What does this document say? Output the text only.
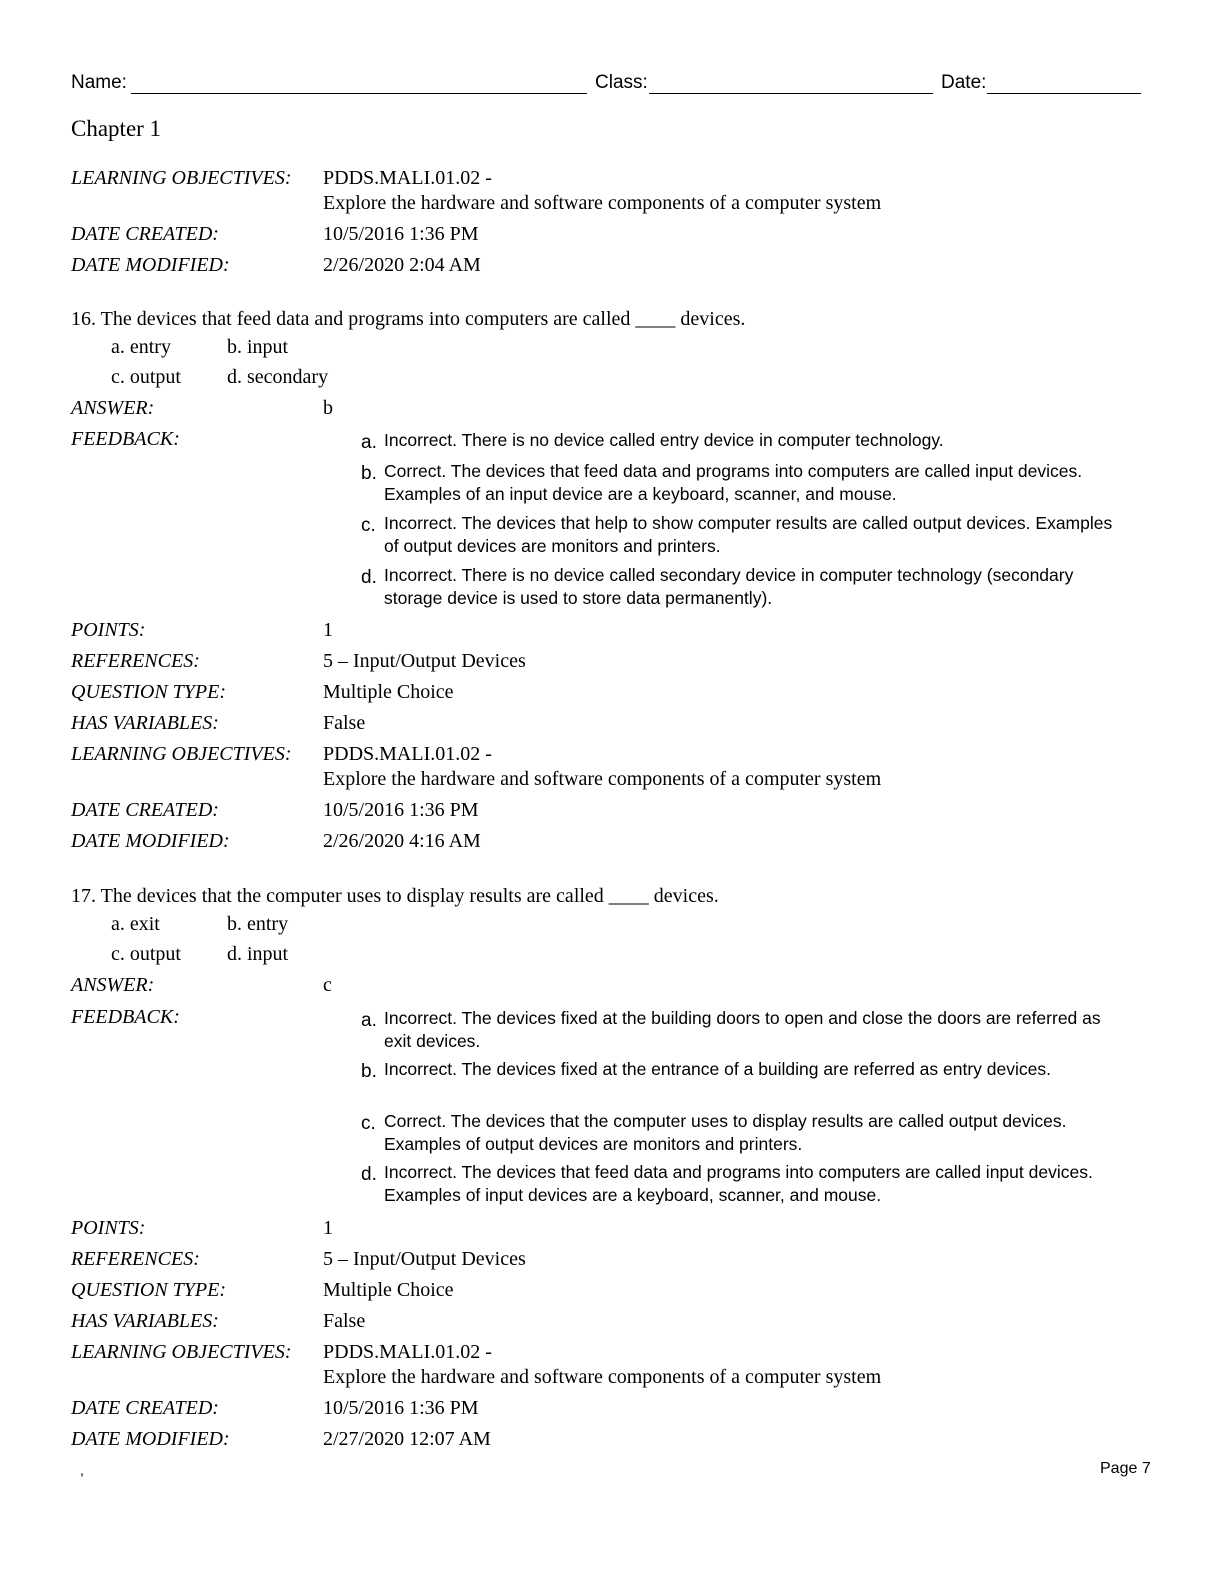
Name:	Class:	Date:
Chapter 1
LEARNING OBJECTIVES: PDDS.MALI.01.02 -
Explore the hardware and software components of a computer system
DATE CREATED:	10/5/2016 1:36 PM
DATE MODIFIED:	2/26/2020 2:04 AM
16. The devices that feed data and programs into computers are called ____ devices.
a. entry	b. input
c. output d. secondary
ANSWER:	b
FEEDBACK:	a. Incorrect. There is no device called entry device in computer technology.
b. Correct. The devices that feed data and programs into computers are called input devices. Examples of an input device are a keyboard, scanner, and mouse.
c. Incorrect. The devices that help to show computer results are called output devices. Examples of output devices are monitors and printers.
d. Incorrect. There is no device called secondary device in computer technology (secondary storage device is used to store data permanently).
POINTS:	1
REFERENCES:	5 – Input/Output Devices
QUESTION TYPE:	Multiple Choice
HAS VARIABLES:	False
LEARNING OBJECTIVES: PDDS.MALI.01.02 -
Explore the hardware and software components of a computer system
DATE CREATED:	10/5/2016 1:36 PM
DATE MODIFIED:	2/26/2020 4:16 AM
17. The devices that the computer uses to display results are called ____ devices.
a. exit	b. entry
c. output d. input
ANSWER:	c
FEEDBACK:	a. Incorrect. The devices fixed at the building doors to open and close the doors are referred as exit devices.
b. Incorrect. The devices fixed at the entrance of a building are referred as entry devices.
c. Correct. The devices that the computer uses to display results are called output devices. Examples of output devices are monitors and printers.
d. Incorrect. The devices that feed data and programs into computers are called input devices. Examples of input devices are a keyboard, scanner, and mouse.
POINTS:	1
REFERENCES:	5 – Input/Output Devices
QUESTION TYPE:	Multiple Choice
HAS VARIABLES:	False
LEARNING OBJECTIVES: PDDS.MALI.01.02 -
Explore the hardware and software components of a computer system
DATE CREATED:	10/5/2016 1:36 PM
DATE MODIFIED:	2/27/2020 12:07 AM
,	Page 7
